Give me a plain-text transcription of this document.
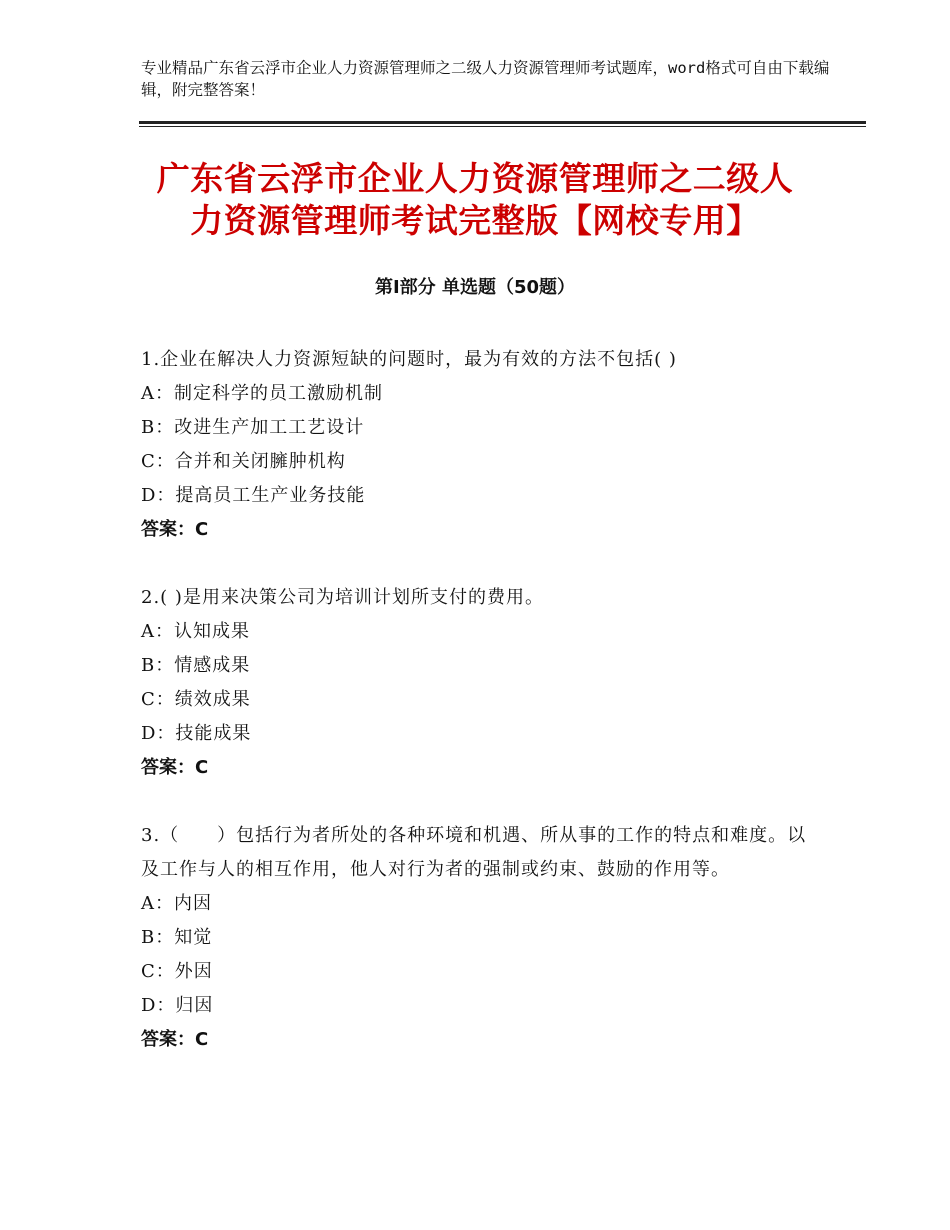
专业精品广东省云浮市企业人力资源管理师之二级人力资源管理师考试题库，word格式可自由下载编辑，附完整答案！
广东省云浮市企业人力资源管理师之二级人
力资源管理师考试完整版【网校专用】
第Ⅰ部分 单选题（50题）
1.企业在解决人力资源短缺的问题时，最为有效的方法不包括( )
A：制定科学的员工激励机制
B：改进生产加工工艺设计
C：合并和关闭臃肿机构
D：提高员工生产业务技能
答案：C
2.( )是用来决策公司为培训计划所支付的费用。
A：认知成果
B：情感成果
C：绩效成果
D：技能成果
答案：C
3.（　　）包括行为者所处的各种环境和机遇、所从事的工作的特点和难度。以及工作与人的相互作用，他人对行为者的强制或约束、鼓励的作用等。
A：内因
B：知觉
C：外因
D：归因
答案：C
